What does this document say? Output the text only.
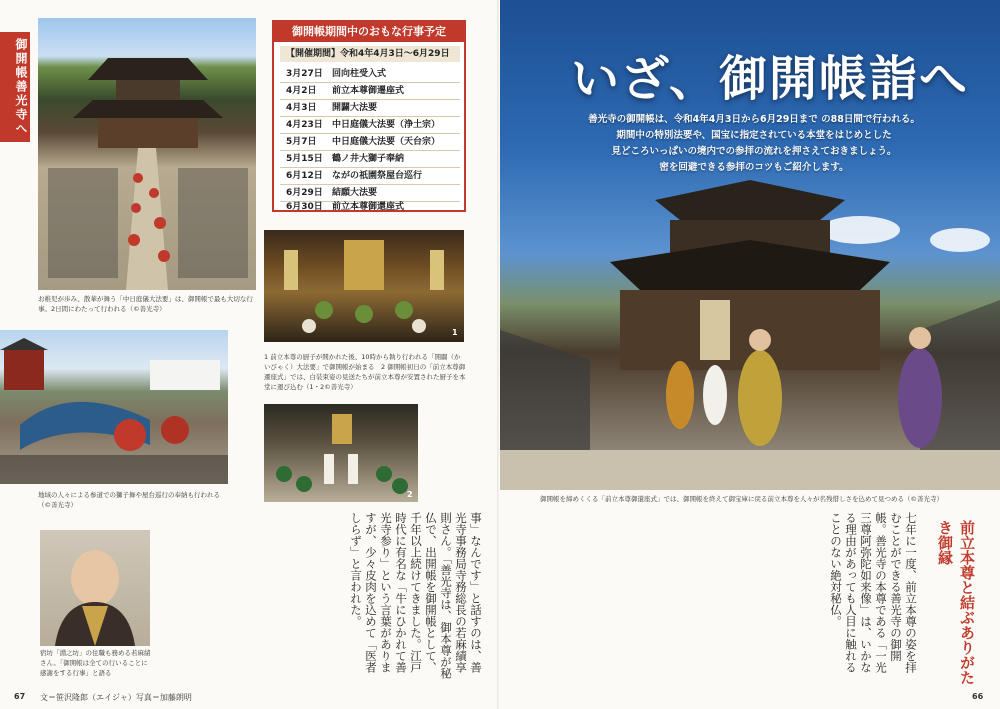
御開帳善光寺へ
お稚児が歩み、散華が舞う「中日庭儀大法要」は、御開帳で最も大切な行事。2日間にわたって行われる（©善光寺）
御開帳期間中のおもな行事予定
【開催期間】令和4年4月3日～6月29日
3月27日	回向柱受入式
4月2日	前立本尊御遷座式
4月3日	開闢大法要
4月23日	中日庭儀大法要（浄土宗）
5月7日	中日庭儀大法要（天台宗）
5月15日	鶴ノ井大獅子奉納
6月12日	ながの祇園祭屋台巡行
6月29日	結願大法要
6月30日	前立本尊御還座式
1
1 前立本尊の厨子が開かれた後、10時から執り行われる「開闢（かいびゃく）大法要」で御開帳が始まる　2 御開帳初日の「前立本尊御遷座式」では、白装束姿の見送たちが前立本尊が安置された厨子を本堂に運び込む（1・2©善光寺）
2
地域の人々による参道での獅子舞や屋台巡行の奉納も行われる（©善光寺）
宿坊「淵之坊」の住職も務める若麻績さん。「御開帳は全ての行いることに感謝をする行事」と語る	事」なんです」と話すのは、善光寺事務局寺務総長の若麻績享則さん。「善光寺は、御本尊が秘仏で、出開帳を御開帳として、千年以上続けてきました。江戸時代に有名な「牛にひかれて善光寺参り」という言葉がありますが、少々皮肉を込めて「医者しらず」と言われた。
67 文＝笹沢隆郎（エイジャ）写真＝加藤朗明
いざ、御開帳詣へ
善光寺の御開帳は、令和4年4月3日から6月29日まで の88日間で行われる。
期間中の特別法要や、国宝に指定されている本堂をはじめとした
見どころいっぱいの境内での参拝の流れを押さえておきましょう。
密を回避できる参拝のコツもご紹介します。
御開帳を締めくくる「前立本尊御還座式」では、御開帳を終えて御宝庫に戻る前立本尊を人々が名残惜しさを込めて見つめる（©善光寺）
前立本尊と結ぶありがたき御縁
七年に一度、前立本尊の姿を拝むことができる善光寺の御開帳。善光寺の本尊である「一光三尊阿弥陀如来像」は、いかなる理由があっても人目に触れることのない絶対秘仏。
66
